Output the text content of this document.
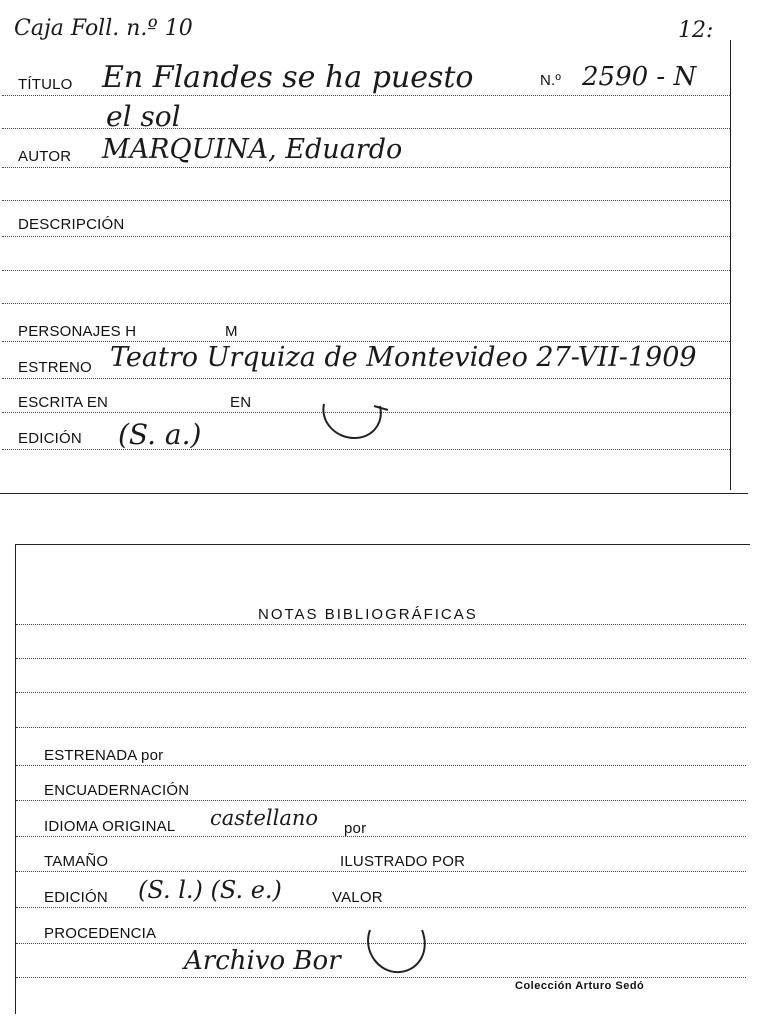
Caja Foll. n.º 10	12:
TÍTULO En Flandes se ha puesto	N.º 2590 - N
el sol
AUTOR MARQUINA, Eduardo
DESCRIPCIÓN
PERSONAJES H	M
ESTRENO Teatro Urquiza de Montevideo 27-VII-1909
ESCRITA EN	EN
EDICIÓN (S. a.)
NOTAS BIBLIOGRÁFICAS
ESTRENADA por
ENCUADERNACIÓN
IDIOMA ORIGINAL castellano por
TAMAÑO	ILUSTRADO POR
EDICIÓN (S. l.) (S. e.)	VALOR
PROCEDENCIA
Archivo Bor
Colección Arturo Sedó
